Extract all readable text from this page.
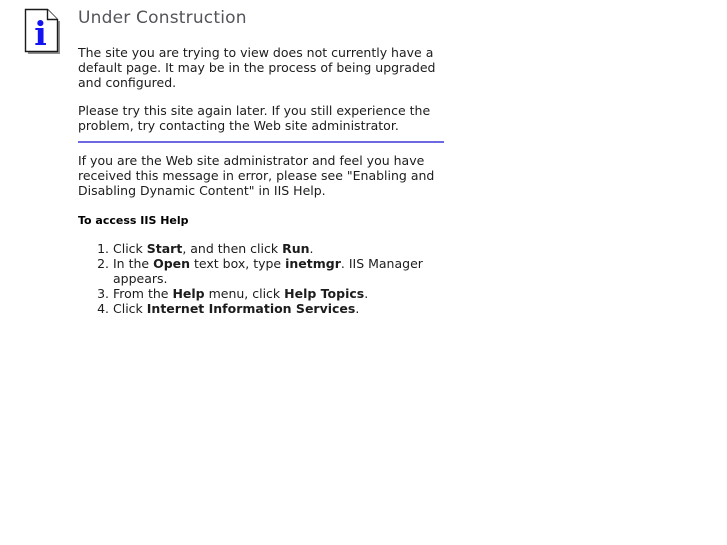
i Under Construction

The site you are trying to view does not currently have a default page. It may be in the process of being upgraded and configured.

Please try this site again later. If you still experience the problem, try contacting the Web site administrator.

If you are the Web site administrator and feel you have received this message in error, please see "Enabling and Disabling Dynamic Content" in IIS Help.

To access IIS Help
1. Click Start, and then click Run.
2. In the Open text box, type inetmgr. IIS Manager appears.
3. From the Help menu, click Help Topics.
4. Click Internet Information Services.
